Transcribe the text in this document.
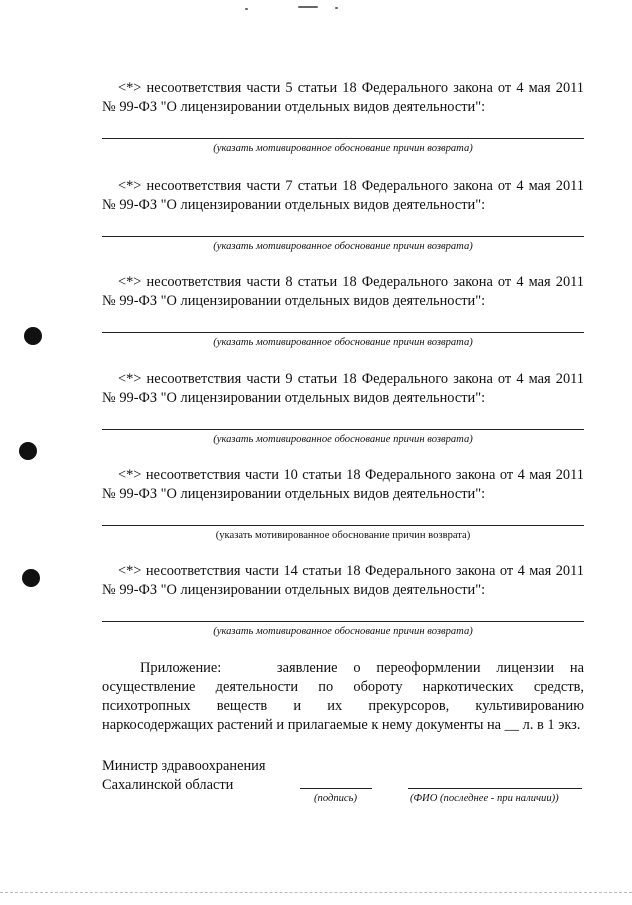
<*> несоответствия части 5 статьи 18 Федерального закона от 4 мая 2011 № 99-ФЗ "О лицензировании отдельных видов деятельности":

(указать мотивированное обоснование причин возврата)

<*> несоответствия части 7 статьи 18 Федерального закона от 4 мая 2011 № 99-ФЗ "О лицензировании отдельных видов деятельности":

(указать мотивированное обоснование причин возврата)

<*> несоответствия части 8 статьи 18 Федерального закона от 4 мая 2011 № 99-ФЗ "О лицензировании отдельных видов деятельности":

(указать мотивированное обоснование причин возврата)

<*> несоответствия части 9 статьи 18 Федерального закона от 4 мая 2011 № 99-ФЗ "О лицензировании отдельных видов деятельности":

(указать мотивированное обоснование причин возврата)

<*> несоответствия части 10 статьи 18 Федерального закона от 4 мая 2011 № 99-ФЗ "О лицензировании отдельных видов деятельности":

(указать мотивированное обоснование причин возврата)

<*> несоответствия части 14 статьи 18 Федерального закона от 4 мая 2011 № 99-ФЗ "О лицензировании отдельных видов деятельности":

(указать мотивированное обоснование причин возврата)

Приложение:	заявление о переоформлении лицензии на

осуществление деятельности по обороту наркотических средств,

психотропных веществ и их прекурсоров, культивированию

наркосодержащих растений и прилагаемые к нему документы на __ л. в 1 экз.

Министр здравоохранения

Сахалинской области

(подпись)	(ФИО (последнее - при наличии))
